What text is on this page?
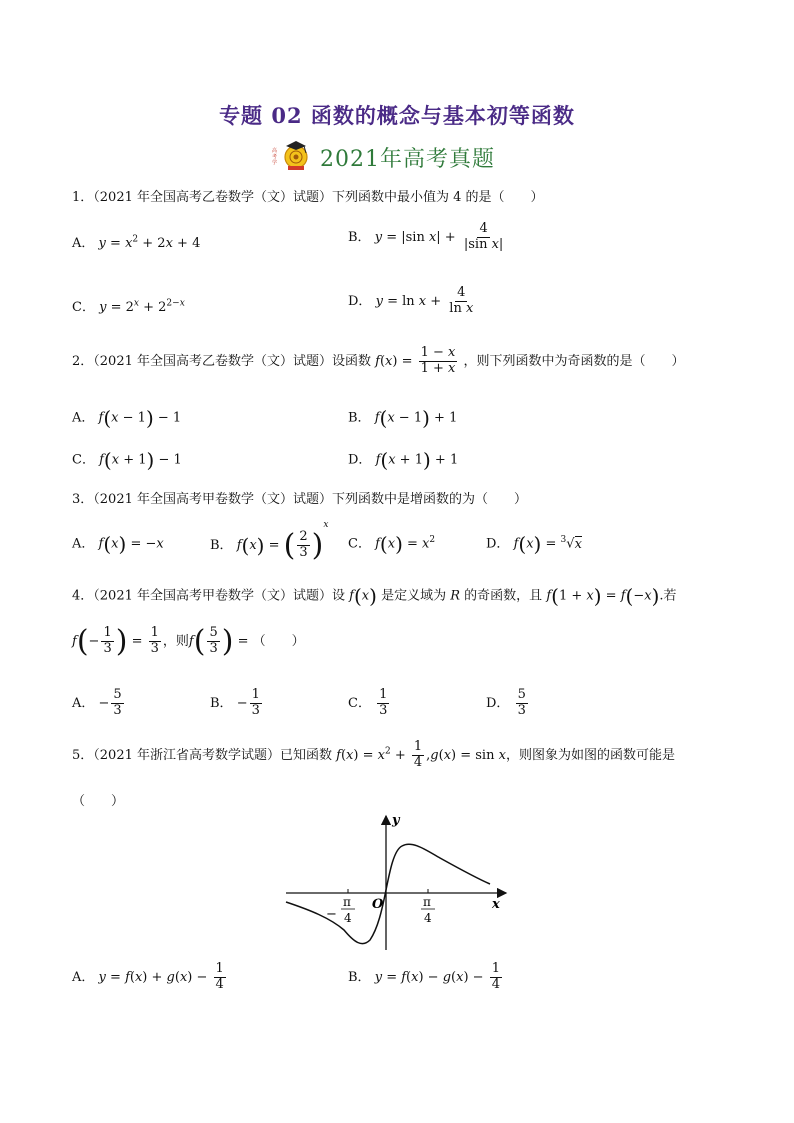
专题 02 函数的概念与基本初等函数
高
考
学 2021年高考真题
1．（2021 年全国高考乙卷数学（文）试题）下列函数中最小值为 4 的是（　　）
A． $y = x^2 + 2x + 4$	B． y = |sin $x| + \frac{4}{\text{|sin x|}}$
C． $y = 2^x + 2^{2-x}$	D． $y = \ln x + \frac{4}{\text{ln x}}$
2．（2021 年全国高考乙卷数学（文）试题）设函数 $f(x) = \frac{1 - x}{1 + x}$ ，则下列函数中为奇函数的是（　　）
A． f(x − 1) − 1	B． f(x − 1) + 1
C． f(x + 1) − 1	D． f(x + 1) + 1
3．（2021 年全国高考甲卷数学（文）试题）下列函数中是增函数的为（　　）
A． f(x) = −x	B． f(x) = ( $\frac{2}{3} )^x$
C． $f(x) = x^2$	D． f(x) = $^3$√x
4．（2021 年全国高考甲卷数学（文）试题）设 f(x) 是定义域为 R 的奇函数，且 f(1 + x) = f(−x).若
$f(- \frac{1}{3}$ ) = $\frac{1}{3}$ ，则$f( \frac{5}{3}$ ) = （　　）
A． − $\frac{5}{3}$	B． − $\frac{1}{3}$	C． $\frac{1}{3}$	D． $\frac{5}{3}$
5．（2021 年浙江省高考数学试题）已知函数 $f(x) = x^2 + \frac{1}{4} ,g(x) = \sin x$，则图象为如图的函数可能是
（　　）
y
x
O
−
π
4
π
4
A． $y = f(x) + g(x) - \frac{1}{4}$	B． $y = f(x) - g(x) - \frac{1}{4}$
